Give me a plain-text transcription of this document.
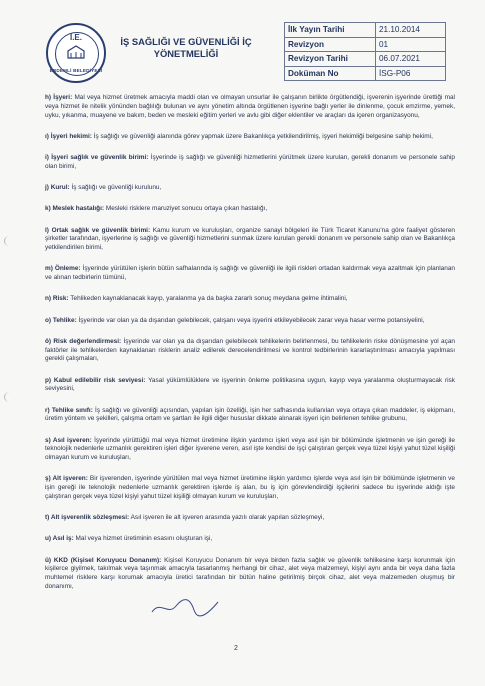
İ.E.
ERDEMLİ BELEDİYESİ
İŞ SAĞLIĞI VE GÜVENLİĞİ İÇ YÖNETMELİĞİ
İlk Yayın Tarihi	21.10.2014
Revizyon	01
Revizyon Tarihi	06.07.2021
Doküman No	İSG-P06

h) İşyeri: Mal veya hizmet üretmek amacıyla maddi olan ve olmayan unsurlar ile çalışanın birlikte örgütlendiği, işverenin işyerinde ürettiği mal veya hizmet ile nitelik yönünden bağlılığı bulunan ve aynı yönetim altında örgütlenen işyerine bağlı yerler ile dinlenme, çocuk emzirme, yemek, uyku, yıkanma, muayene ve bakım, beden ve mesleki eğitim yerleri ve avlu gibi diğer eklentiler ve araçları da içeren organizasyonu,

ı) İşyeri hekimi: İş sağlığı ve güvenliği alanında görev yapmak üzere Bakanlıkça yetkilendirilmiş, işyeri hekimliği belgesine sahip hekimi,

i) İşyeri sağlık ve güvenlik birimi: İşyerinde iş sağlığı ve güvenliği hizmetlerini yürütmek üzere kurulan, gerekli donanım ve personele sahip olan birimi,

j) Kurul: İş sağlığı ve güvenliği kurulunu,

k) Meslek hastalığı: Mesleki risklere maruziyet sonucu ortaya çıkan hastalığı,

l) Ortak sağlık ve güvenlik birimi: Kamu kurum ve kuruluşları, organize sanayi bölgeleri ile Türk Ticaret Kanunu'na göre faaliyet gösteren şirketler tarafından, işyerlerine iş sağlığı ve güvenliği hizmetlerini sunmak üzere kurulan gerekli donanım ve personele sahip olan ve Bakanlıkça yetkilendirilen birimi,

m) Önleme: İşyerinde yürütülen işlerin bütün safhalarında iş sağlığı ve güvenliği ile ilgili riskleri ortadan kaldırmak veya azaltmak için planlanan ve alınan tedbirlerin tümünü,

n) Risk: Tehlikeden kaynaklanacak kayıp, yaralanma ya da başka zararlı sonuç meydana gelme ihtimalini,

o) Tehlike: İşyerinde var olan ya da dışarıdan gelebilecek, çalışanı veya işyerini etkileyebilecek zarar veya hasar verme potansiyelini,

ö) Risk değerlendirmesi: İşyerinde var olan ya da dışarıdan gelebilecek tehlikelerin belirlenmesi, bu tehlikelerin riske dönüşmesine yol açan faktörler ile tehlikelerden kaynaklanan risklerin analiz edilerek derecelendirilmesi ve kontrol tedbirlerinin kararlaştırılması amacıyla yapılması gerekli çalışmaları,

p) Kabul edilebilir risk seviyesi: Yasal yükümlülüklere ve işyerinin önleme politikasına uygun, kayıp veya yaralanma oluşturmayacak risk seviyesini,

r) Tehlike sınıfı: İş sağlığı ve güvenliği açısından, yapılan işin özelliği, işin her safhasında kullanılan veya ortaya çıkan maddeler, iş ekipmanı, üretim yöntem ve şekilleri, çalışma ortam ve şartları ile ilgili diğer hususlar dikkate alınarak işyeri için belirlenen tehlike grubunu,

s) Asıl işveren: İşyerinde yürüttüğü mal veya hizmet üretimine ilişkin yardımcı işleri veya asıl işin bir bölümünde işletmenin ve işin gereği ile teknolojik nedenlerle uzmanlık gerektiren işleri diğer işverene veren, asıl işte kendisi de işçi çalıştıran gerçek veya tüzel kişiyi yahut tüzel kişiliği olmayan kurum ve kuruluşları,

ş) Alt işveren: Bir işverenden, işyerinde yürütülen mal veya hizmet üretimine ilişkin yardımcı işlerde veya asıl işin bir bölümünde işletmenin ve işin gereği ile teknolojik nedenlerle uzmanlık gerektiren işlerde iş alan, bu iş için görevlendirdiği işçilerini sadece bu işyerinde aldığı işte çalıştıran gerçek veya tüzel kişiyi yahut tüzel kişiliği olmayan kurum ve kuruluşları,

t) Alt işverenlik sözleşmesi: Asıl işveren ile alt işveren arasında yazılı olarak yapılan sözleşmeyi,

u) Asıl iş: Mal veya hizmet üretiminin esasını oluşturan işi,

ü) KKD (Kişisel Koruyucu Donanım): Kişisel Koruyucu Donanım bir veya birden fazla sağlık ve güvenlik tehlikesine karşı korunmak için kişilerce giyilmek, takılmak veya taşınmak amacıyla tasarlanmış herhangi bir cihaz, alet veya malzemeyi, kişiyi aynı anda bir veya daha fazla muhtemel risklere karşı korumak amacıyla üretici tarafından bir bütün haline getirilmiş birçok cihaz, alet veya malzemeden oluşmuş bir donanımı,

2
